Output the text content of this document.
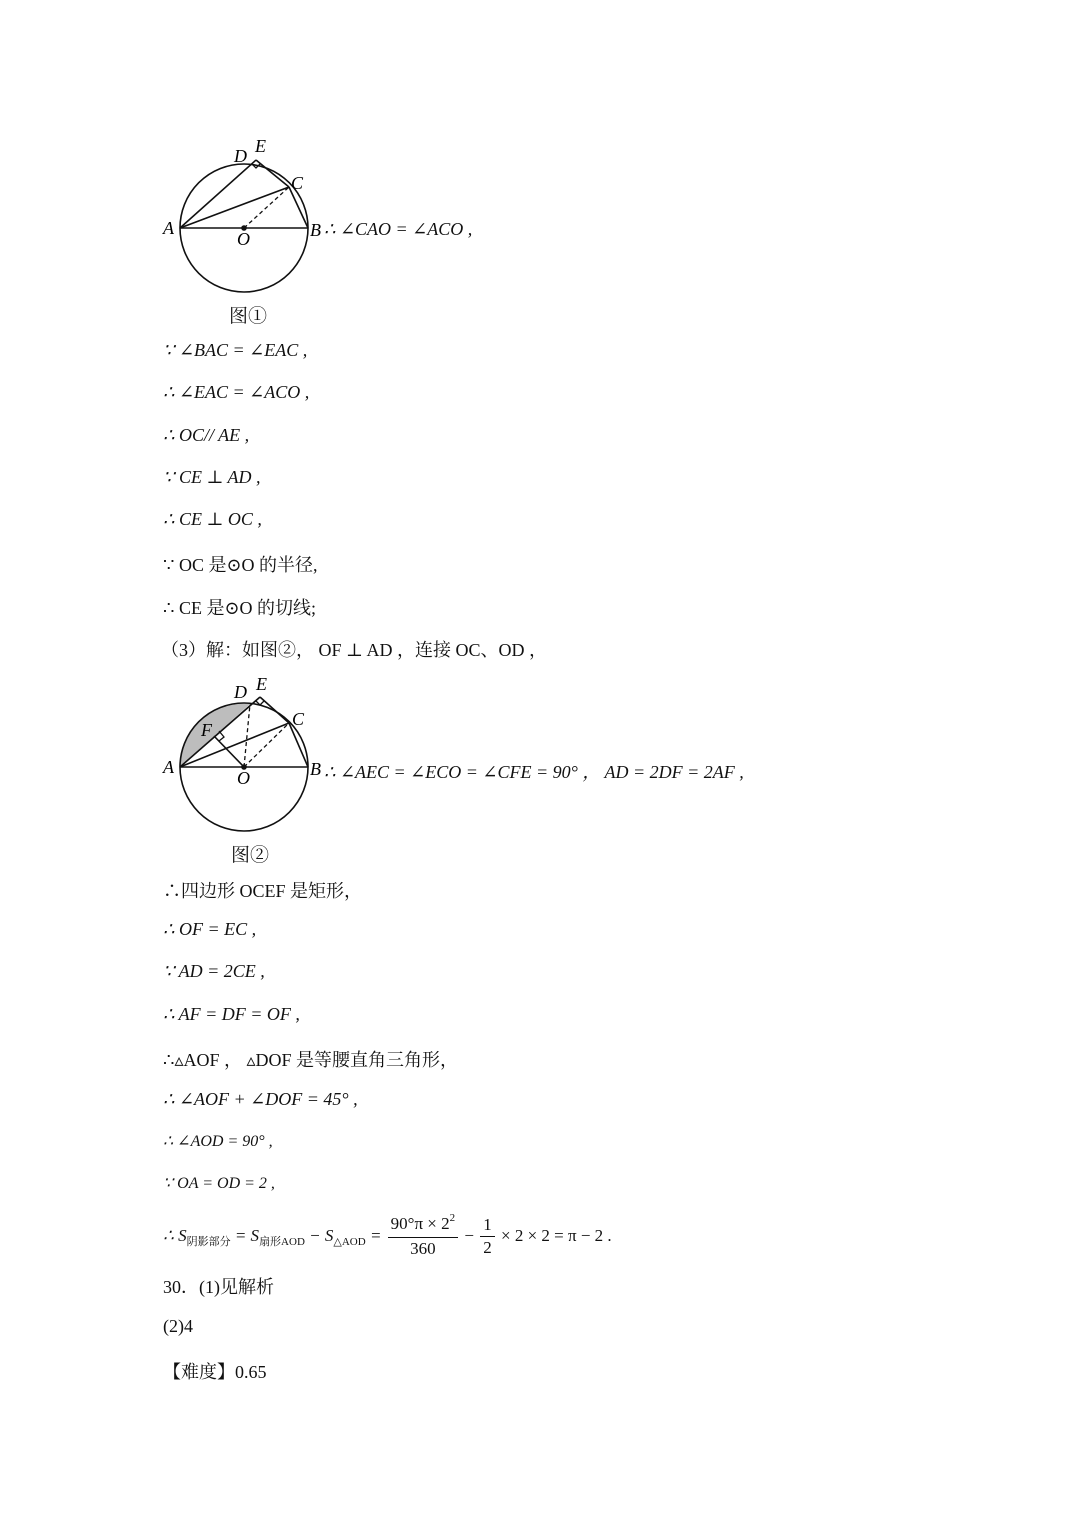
A	B
C
D E
O
图①
∴ ∠CAO = ∠ACO ,
∵ ∠BAC = ∠EAC ,
∴ ∠EAC = ∠ACO ,
∴ OC// AE ,
∵ CE ⊥ AD ,
∴ CE ⊥ OC ,
∵ OC 是⊙O 的半径,
∴ CE 是⊙O 的切线;
（3）解：如图②， OF ⊥ AD ，连接 OC、OD ，
A	B
C
D E
F
O
图②
∴ ∠AEC = ∠ECO = ∠CFE = 90° ， AD = 2DF = 2AF ,
∴四边形 OCEF 是矩形，
∴ OF = EC ,
∵ AD = 2CE ,
∴ AF = DF = OF ,
∴▵AOF ， ▵DOF 是等腰直角三角形，
∴ ∠AOF + ∠DOF = 45° ,
∴ ∠AOD = 90° ,
∵ OA = OD = 2 ,
∴ S 阴影部分 = S 扇形AOD − S △AOD = $\frac{90^\circ\pi \times 2^2}{360} - \frac{1}{2} \times 2 \times 2 = \pi - 2$ .
30．(1)见解析
(2)4
【难度】0.65
